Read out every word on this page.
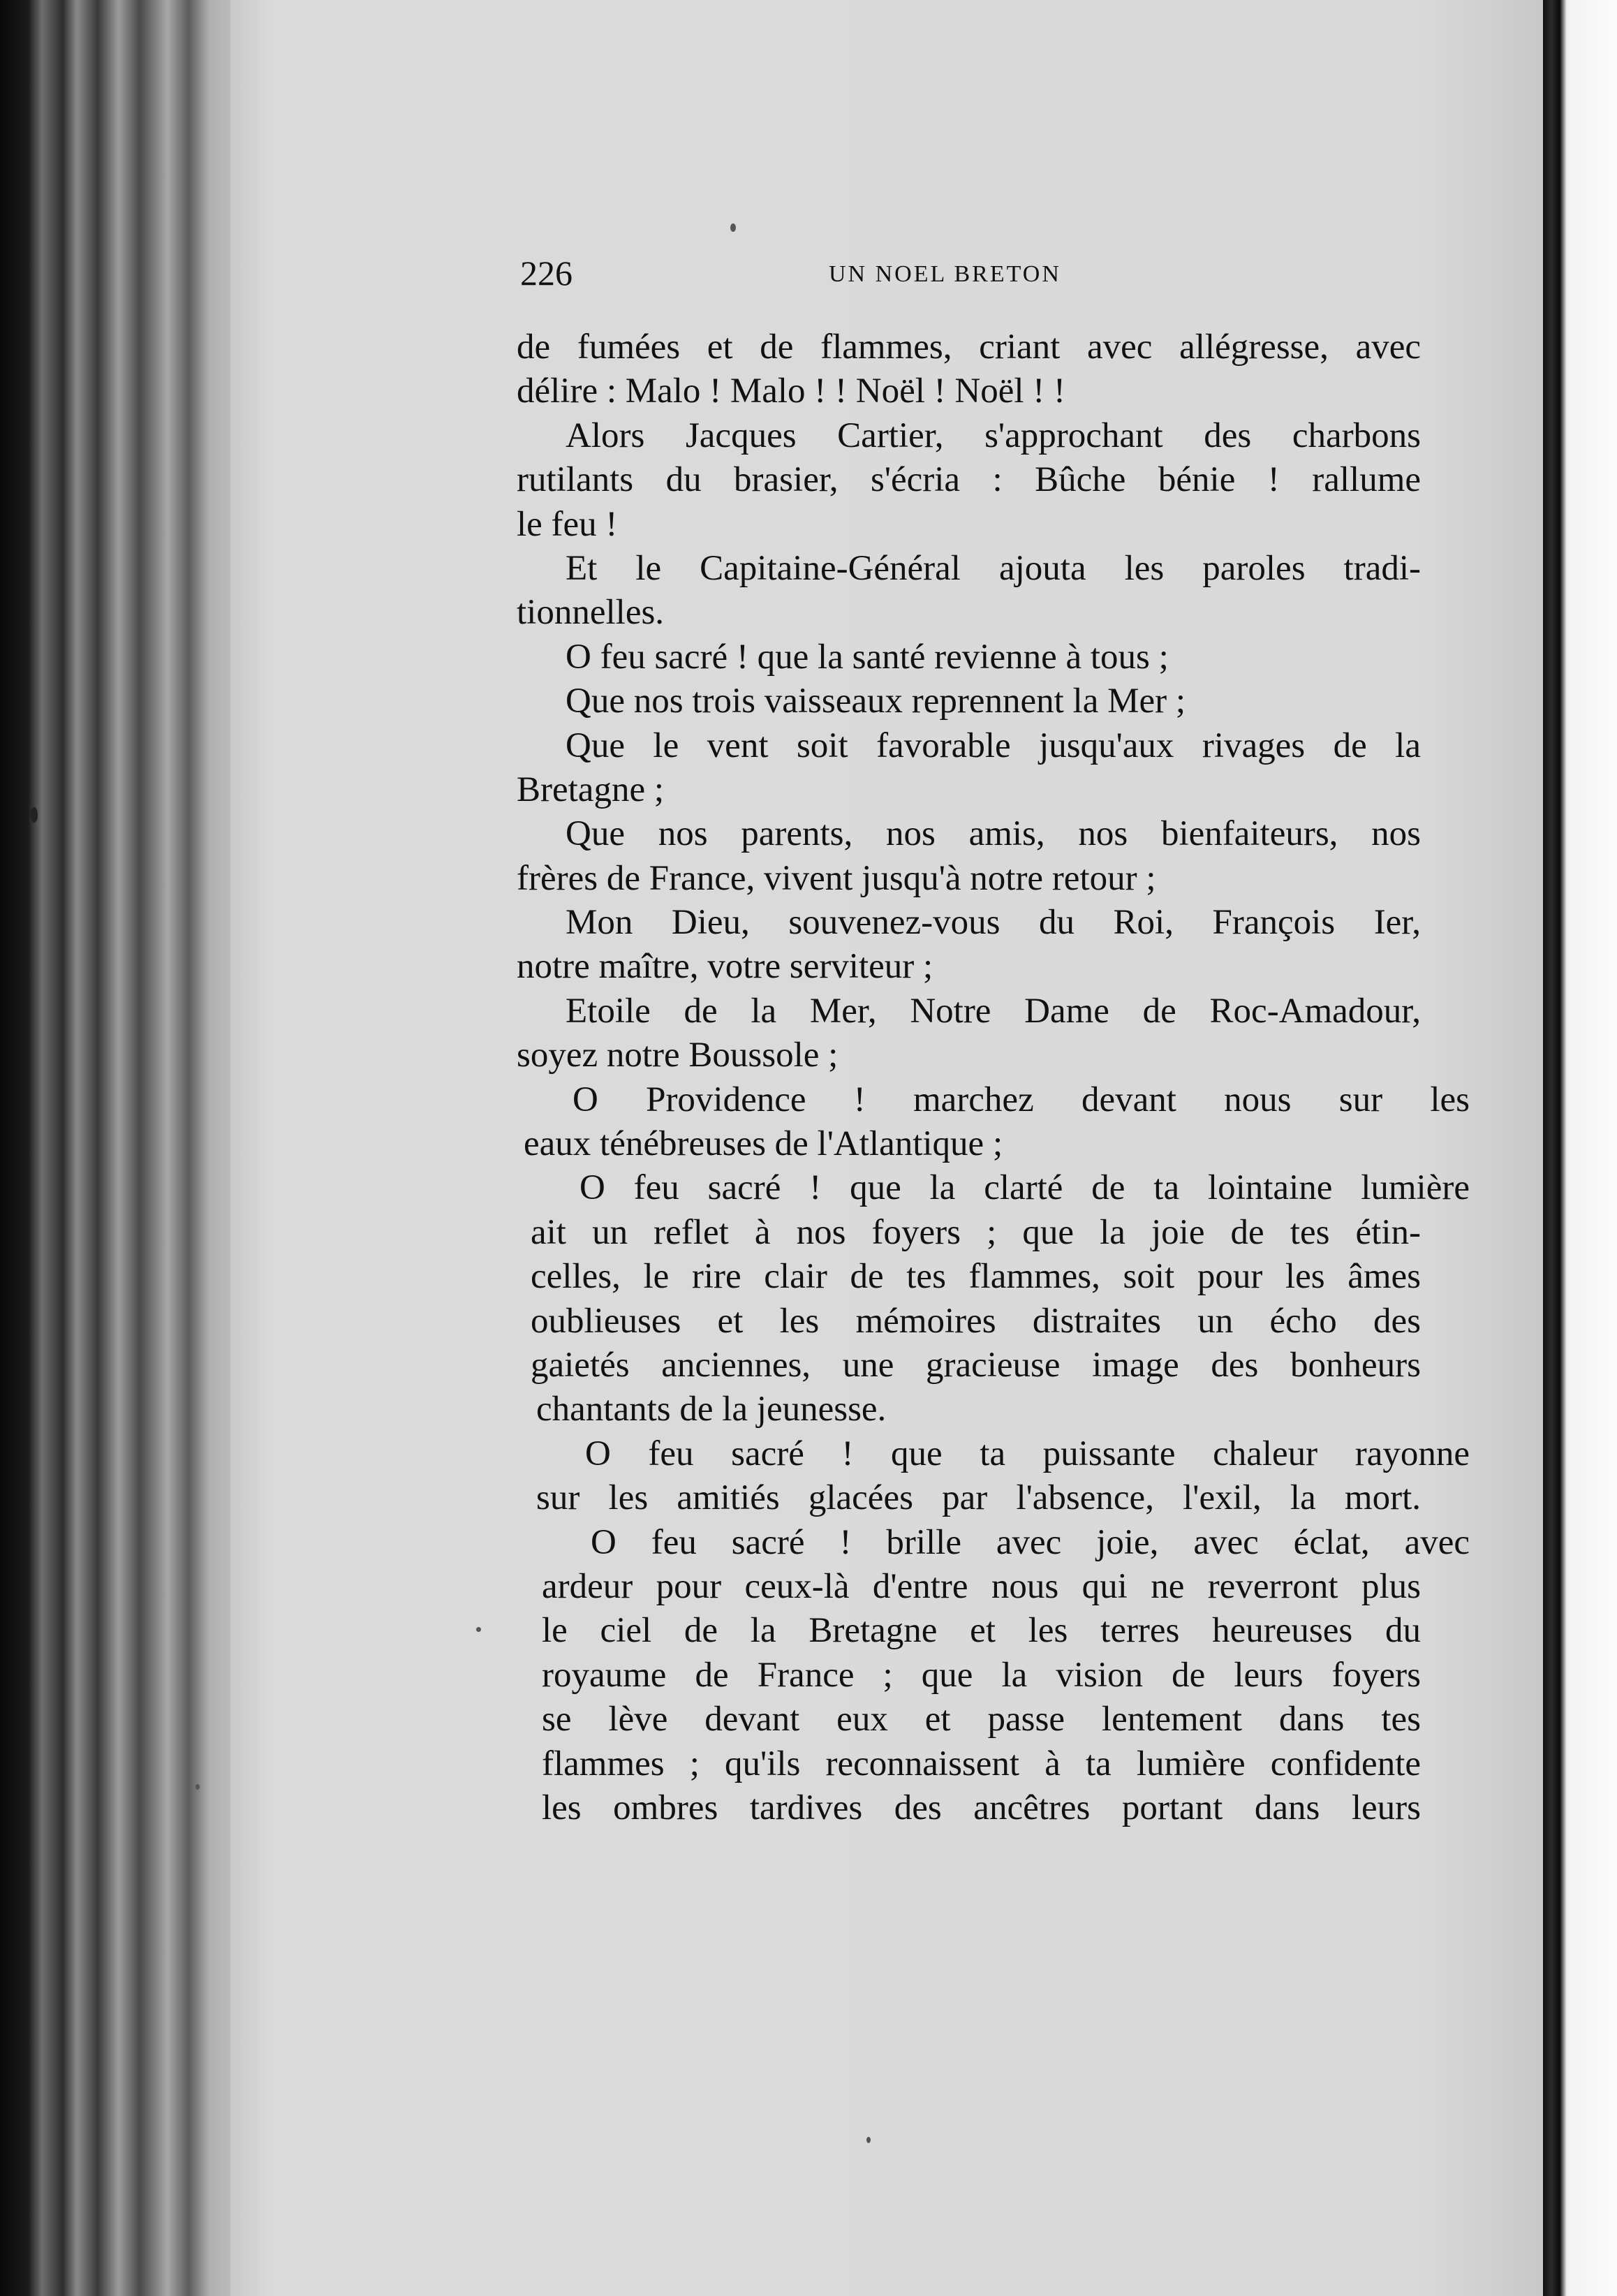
226	UN NOEL BRETON
de fumées et de flammes, criant avec allégresse, avec
délire : Malo ! Malo ! ! Noël ! Noël ! !
Alors Jacques Cartier, s'approchant des charbons
rutilants du brasier, s'écria : Bûche bénie ! rallume
le feu !
Et le Capitaine-Général ajouta les paroles tradi-
tionnelles.
O feu sacré ! que la santé revienne à tous ;
Que nos trois vaisseaux reprennent la Mer ;
Que le vent soit favorable jusqu'aux rivages de la
Bretagne ;
Que nos parents, nos amis, nos bienfaiteurs, nos
frères de France, vivent jusqu'à notre retour ;
Mon Dieu, souvenez-vous du Roi, François Ier,
notre maître, votre serviteur ;
Etoile de la Mer, Notre Dame de Roc-Amadour,
soyez notre Boussole ;
O Providence ! marchez devant nous sur les
eaux ténébreuses de l'Atlantique ;
O feu sacré ! que la clarté de ta lointaine lumière
ait un reflet à nos foyers ; que la joie de tes étin-
celles, le rire clair de tes flammes, soit pour les âmes
oublieuses et les mémoires distraites un écho des
gaietés anciennes, une gracieuse image des bonheurs
chantants de la jeunesse.
O feu sacré ! que ta puissante chaleur rayonne
sur les amitiés glacées par l'absence, l'exil, la mort.
O feu sacré ! brille avec joie, avec éclat, avec
ardeur pour ceux-là d'entre nous qui ne reverront plus
le ciel de la Bretagne et les terres heureuses du
royaume de France ; que la vision de leurs foyers
se lève devant eux et passe lentement dans tes
flammes ; qu'ils reconnaissent à ta lumière confidente
les ombres tardives des ancêtres portant dans leurs
